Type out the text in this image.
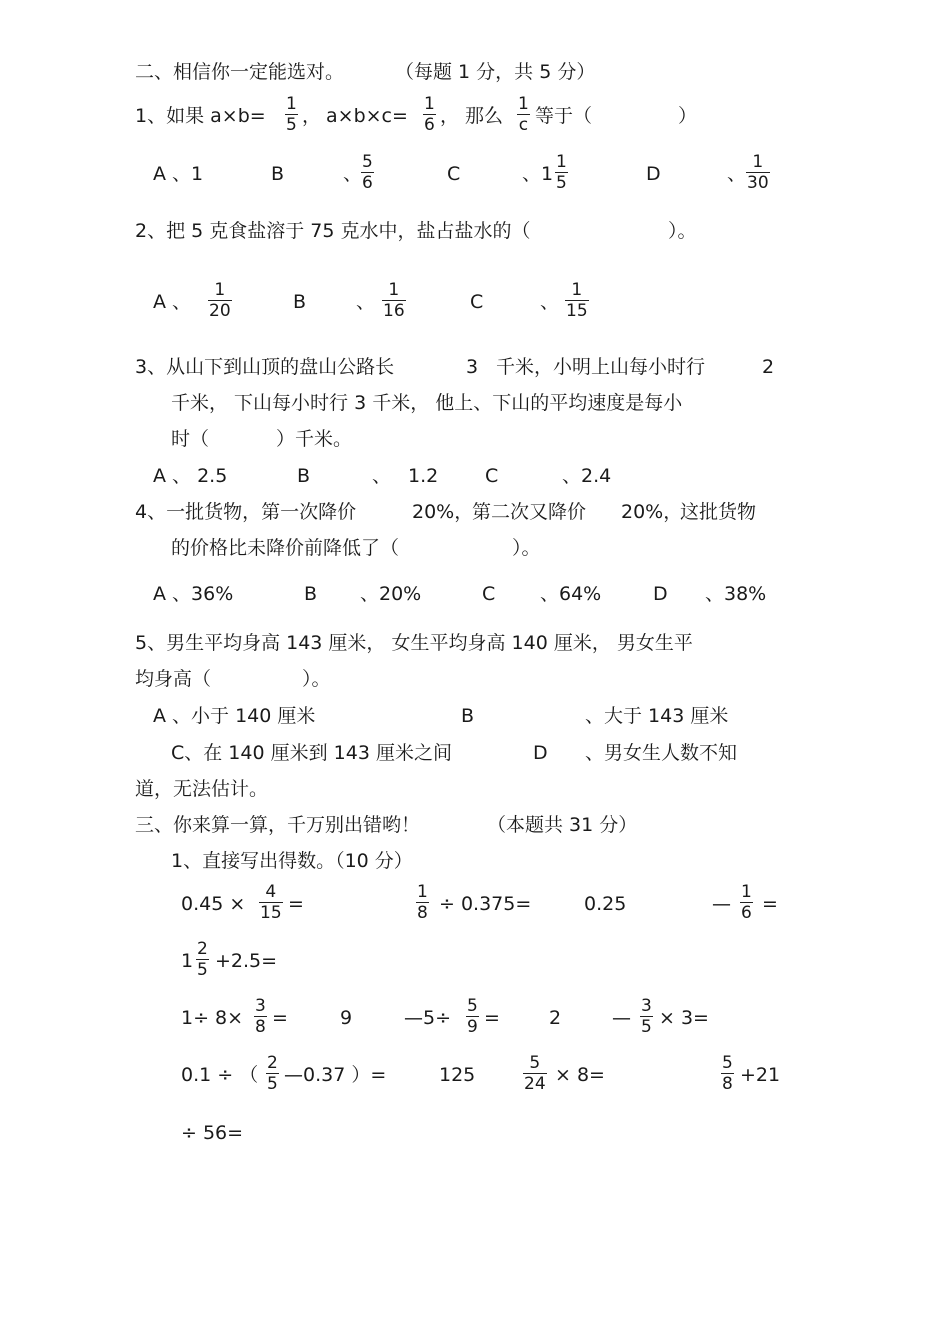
二、相信你一定能选对。	（每题 1 分，共 5 分）
1、如果 a×b=
1
5 ， a×b×c=
1
6 ， 那么
1
c 等于（	）
A 、1	B	、
5
6	C	、1
1
5	D	、
1
30
2、把 5 克食盐溶于 75 克水中，盐占盐水的（	）。
A 、
1
20	B	、
1
16	C	、
1
15
3、从山下到山顶的盘山公路长	3 千米，小明上山每小时行	2
千米， 下山每小时行 3 千米， 他上、下山的平均速度是每小
时（	）千米。
A 、 2.5	B	、 1.2 C	、2.4
4、一批货物，第一次降价	20%，
第二次又降价 20%，
这批货物
的价格比未降价前降低了（	）。
A 、36%	B 、20%	C 、64%	D 、38%
5、男生平均身高 143 厘米， 女生平均身高 140 厘米， 男女生平
均身高（	）。
A 、小于 140 厘米	B	、大于 143 厘米
C、在 140 厘米到 143 厘米之间	D 、男女生人数不知
道，无法估计。
三、你来算一算，千万别出错哟！	（本题共 31 分）
1、直接写出得数。（10 分）
0.45 ×
4
15 =
1
8 ÷ 0.375=	0.25	—
1
6 =
1
2
5 +2.5=
1÷ 8×
3
8 =	9	—5÷
5
9 =	2	—
3
5 × 3=
0.1 ÷ （
2
5 —0.37 ）=	125
5
24 × 8=
5
8 +21
÷ 56=
